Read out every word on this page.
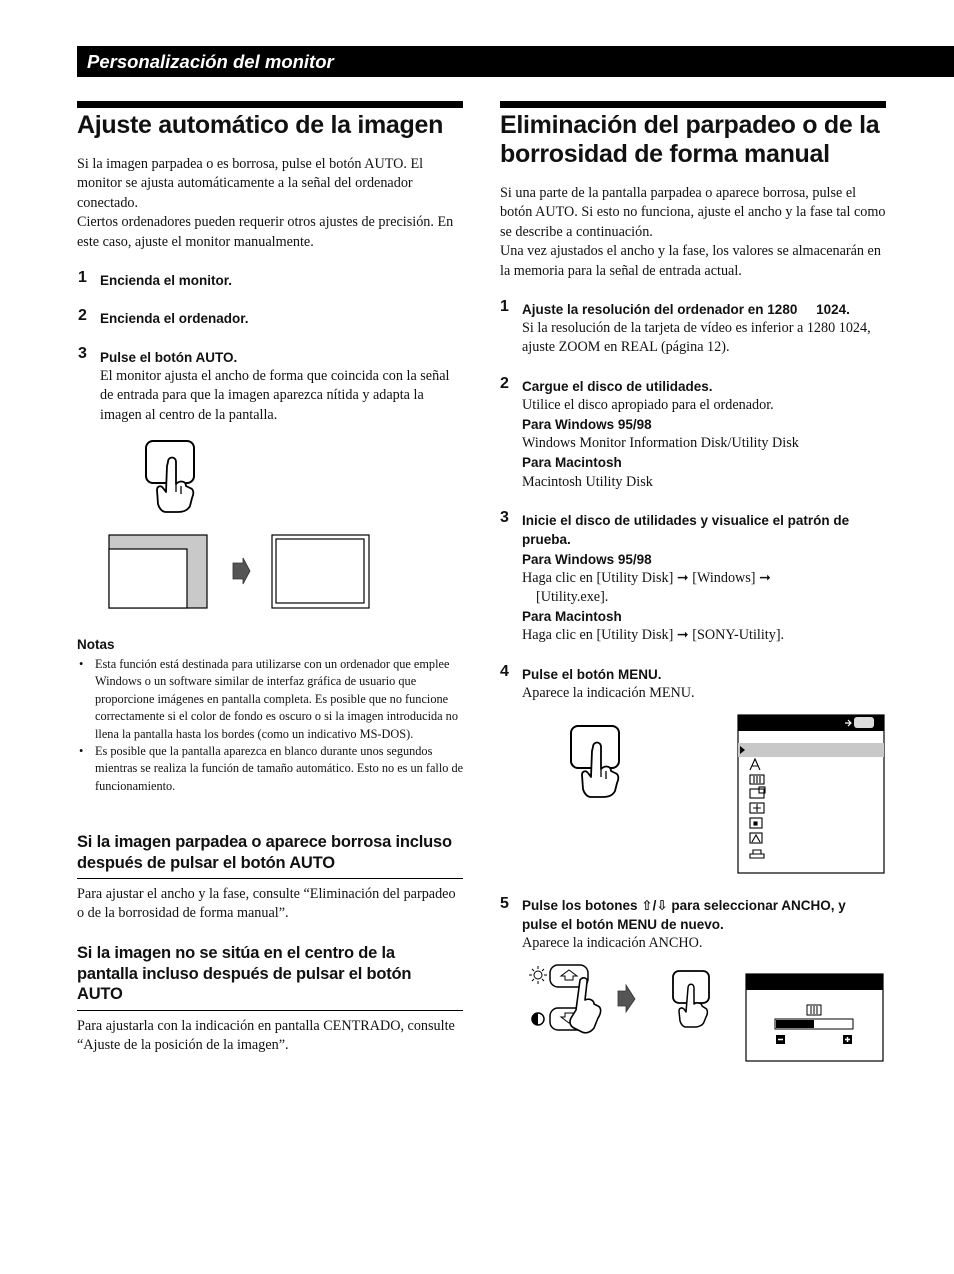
Personalización del monitor
Ajuste automático de la imagen

Si la imagen parpadea o es borrosa, pulse el botón AUTO. El monitor se ajusta automáticamente a la señal del ordenador conectado.

Ciertos ordenadores pueden requerir otros ajustes de precisión. En este caso, ajuste el monitor manualmente.

1 Encienda el monitor.
2 Encienda el ordenador.
3 Pulse el botón AUTO.
El monitor ajusta el ancho de forma que coincida con la señal de entrada para que la imagen aparezca nítida y adapta la imagen al centro de la pantalla.
Notas
• Esta función está destinada para utilizarse con un ordenador que emplee Windows o un software similar de interfaz gráfica de usuario que proporcione imágenes en pantalla completa. Es posible que no funcione correctamente si el color de fondo es oscuro o si la imagen introducida no llena la pantalla hasta los bordes (como un indicativo MS-DOS).
• Es posible que la pantalla aparezca en blanco durante unos segundos mientras se realiza la función de tamaño automático. Esto no es un fallo de funcionamiento.
Si la imagen parpadea o aparece borrosa incluso después de pulsar el botón AUTO
Para ajustar el ancho y la fase, consulte “Eliminación del parpadeo o de la borrosidad de forma manual”.
Si la imagen no se sitúa en el centro de la pantalla incluso después de pulsar el botón AUTO
Para ajustarla con la indicación en pantalla CENTRADO, consulte “Ajuste de la posición de la imagen”.
Eliminación del parpadeo o de la borrosidad de forma manual

Si una parte de la pantalla parpadea o aparece borrosa, pulse el botón AUTO. Si esto no funciona, ajuste el ancho y la fase tal como se describe a continuación.

Una vez ajustados el ancho y la fase, los valores se almacenarán en la memoria para la señal de entrada actual.

1 Ajuste la resolución del ordenador en 1280     1024.
Si la resolución de la tarjeta de vídeo es inferior a 1280 1024, ajuste ZOOM en REAL (página 12).
2 Cargue el disco de utilidades.
Utilice el disco apropiado para el ordenador.
Para Windows 95/98
Windows Monitor Information Disk/Utility Disk
Para Macintosh
Macintosh Utility Disk
3 Inicie el disco de utilidades y visualice el patrón de prueba.
Para Windows 95/98
Haga clic en [Utility Disk] ➞ [Windows] ➞
[Utility.exe].
Para Macintosh
Haga clic en [Utility Disk] ➞ [SONY-Utility].
4 Pulse el botón MENU.
Aparece la indicación MENU.
5 Pulse los botones ⇧/⇩ para seleccionar ANCHO, y
pulse el botón MENU de nuevo.
Aparece la indicación ANCHO.
